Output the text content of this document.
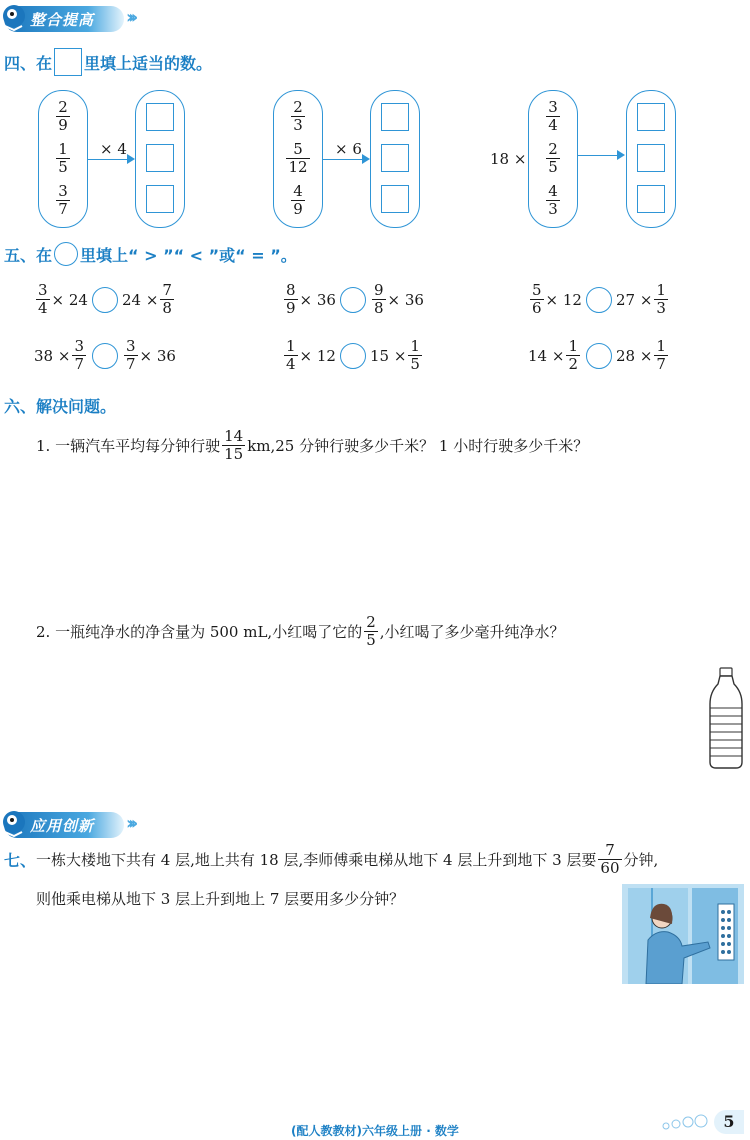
整合提高 ›››
四、在 里填上适当的数。
$\frac{2}{9}$
$\frac{1}{5}$
$\frac{3}{7}$
× 4
$\frac{2}{3}$
$\frac{5}{12}$
$\frac{4}{9}$
× 6
18 ×
$\frac{3}{4}$
$\frac{2}{5}$
$\frac{4}{3}$
五、在 里填上“ > ”“ < ”或“ = ”。
$\frac{3}{4} \times 24$ $24 \times \frac{7}{8}$	$\frac{8}{9} \times 36 \frac{9}{8} \times 36$	$\frac{5}{6} \times 12$ $27 \times \frac{1}{3}$
$38 \times \frac{3}{7}$	$\frac{3}{7} \times 36$	$\frac{1}{4} \times 12$ $15 \times \frac{1}{5}$	$14 \times \frac{1}{2} 28 \times \frac{1}{7}$
六、解决问题。
1. 一辆汽车平均每分钟行驶 $\frac{14}{15} km,25$ 分钟行驶多少千米？ 1 小时行驶多少千米？
2. 一瓶纯净水的净含量为 500 mL,小红喝了它的 $\frac{2}{5}$ ,小红喝了多少毫升纯净水？
应用创新 ›››
七、 一栋大楼地下共有 4 层,地上共有 18 层,李师傅乘电梯从地下 4 层上升到地下 3 层要 $\frac{7}{60}$ 分钟,
则他乘电梯从地下 3 层上升到地上 7 层要用多少分钟？
(配人教教材)六年级上册 · 数学	5
